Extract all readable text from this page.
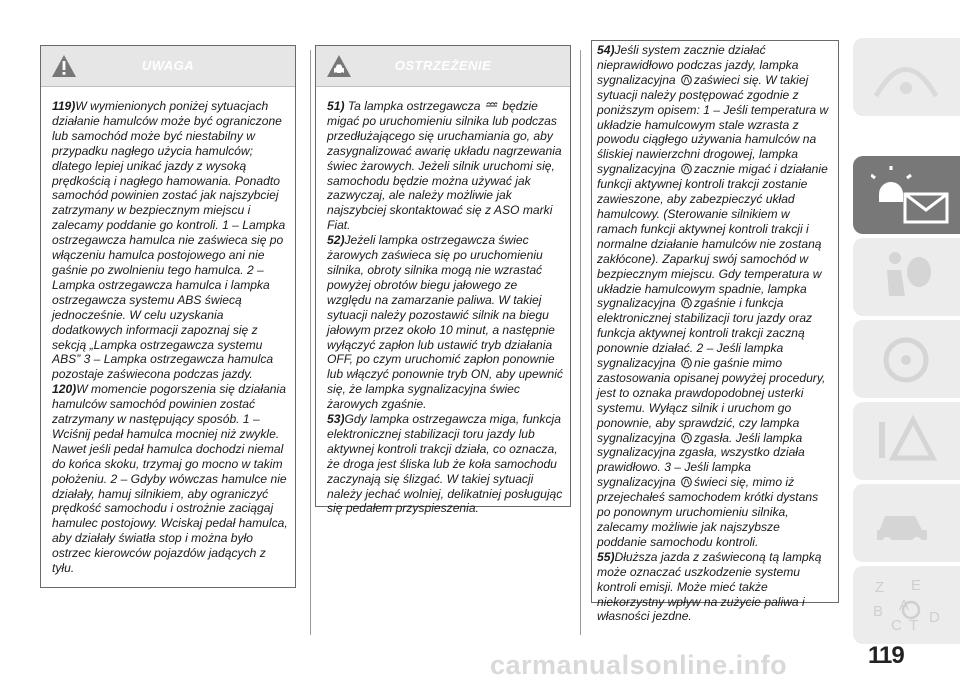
UWAGA

119)W wymienionych poniżej sytuacjach działanie hamulców może być ograniczone lub samochód może być niestabilny w przypadku nagłego użycia hamulców; dlatego lepiej unikać jazdy z wysoką prędkością i nagłego hamowania. Ponadto samochód powinien zostać jak najszybciej zatrzymany w bezpiecznym miejscu i zalecamy poddanie go kontroli. 1 – Lampka ostrzegawcza hamulca nie zaświeca się po włączeniu hamulca postojowego ani nie gaśnie po zwolnieniu tego hamulca. 2 – Lampka ostrzegawcza hamulca i lampka ostrzegawcza systemu ABS świecą jednocześnie. W celu uzyskania dodatkowych informacji zapoznaj się z sekcją „Lampka ostrzegawcza systemu ABS” 3 – Lampka ostrzegawcza hamulca pozostaje zaświecona podczas jazdy.

120)W momencie pogorszenia się działania hamulców samochód powinien zostać zatrzymany w następujący sposób. 1 – Wciśnij pedał hamulca mocniej niż zwykle. Nawet jeśli pedał hamulca dochodzi niemal do końca skoku, trzymaj go mocno w takim położeniu. 2 – Gdyby wówczas hamulce nie działały, hamuj silnikiem, aby ograniczyć prędkość samochodu i ostrożnie zaciągaj hamulec postojowy. Wciskaj pedał hamulca, aby działały światła stop i można było ostrzec kierowców pojazdów jadących z tyłu.

OSTRZEŻENIE

51) Ta lampka ostrzegawcza będzie migać po uruchomieniu silnika lub podczas przedłużającego się uruchamiania go, aby zasygnalizować awarię układu nagrzewania świec żarowych. Jeżeli silnik uruchomi się, samochodu będzie można używać jak zazwyczaj, ale należy możliwie jak najszybciej skontaktować się z ASO marki Fiat.

52)Jeżeli lampka ostrzegawcza świec żarowych zaświeca się po uruchomieniu silnika, obroty silnika mogą nie wzrastać powyżej obrotów biegu jałowego ze względu na zamarzanie paliwa. W takiej sytuacji należy pozostawić silnik na biegu jałowym przez około 10 minut, a następnie wyłączyć zapłon lub ustawić tryb działania OFF, po czym uruchomić zapłon ponownie lub włączyć ponownie tryb ON, aby upewnić się, że lampka sygnalizacyjna świec żarowych zgaśnie.

53)Gdy lampka ostrzegawcza miga, funkcja elektronicznej stabilizacji toru jazdy lub aktywnej kontroli trakcji działa, co oznacza, że droga jest śliska lub że koła samochodu zaczynają się ślizgać. W takiej sytuacji należy jechać wolniej, delikatniej posługując się pedałem przyspieszenia.

54)Jeśli system zacznie działać nieprawidłowo podczas jazdy, lampka sygnalizacyjna zaświeci się. W takiej sytuacji należy postępować zgodnie z poniższym opisem: 1 – Jeśli temperatura w układzie hamulcowym stale wzrasta z powodu ciągłego używania hamulców na śliskiej nawierzchni drogowej, lampka sygnalizacyjna zacznie migać i działanie funkcji aktywnej kontroli trakcji zostanie zawieszone, aby zabezpieczyć układ hamulcowy. (Sterowanie silnikiem w ramach funkcji aktywnej kontroli trakcji i normalne działanie hamulców nie zostaną zakłócone). Zaparkuj swój samochód w bezpiecznym miejscu. Gdy temperatura w układzie hamulcowym spadnie, lampka sygnalizacyjna zgaśnie i funkcja elektronicznej stabilizacji toru jazdy oraz funkcja aktywnej kontroli trakcji zaczną ponownie działać. 2 – Jeśli lampka sygnalizacyjna nie gaśnie mimo zastosowania opisanej powyżej procedury, jest to oznaka prawdopodobnej usterki systemu. Wyłącz silnik i uruchom go ponownie, aby sprawdzić, czy lampka sygnalizacyjna zgasła. Jeśli lampka sygnalizacyjna zgasła, wszystko działa prawidłowo. 3 – Jeśli lampka sygnalizacyjna świeci się, mimo iż przejechałeś samochodem krótki dystans po ponownym uruchomieniu silnika, zalecamy możliwie jak najszybsze poddanie samochodu kontroli.

55)Dłuższa jazda z zaświeconą tą lampką może oznaczać uszkodzenie systemu kontroli emisji. Może mieć także niekorzystny wpływ na zużycie paliwa i własności jezdne.

Z E
B A
C T D
carmanualsonline.info	119
